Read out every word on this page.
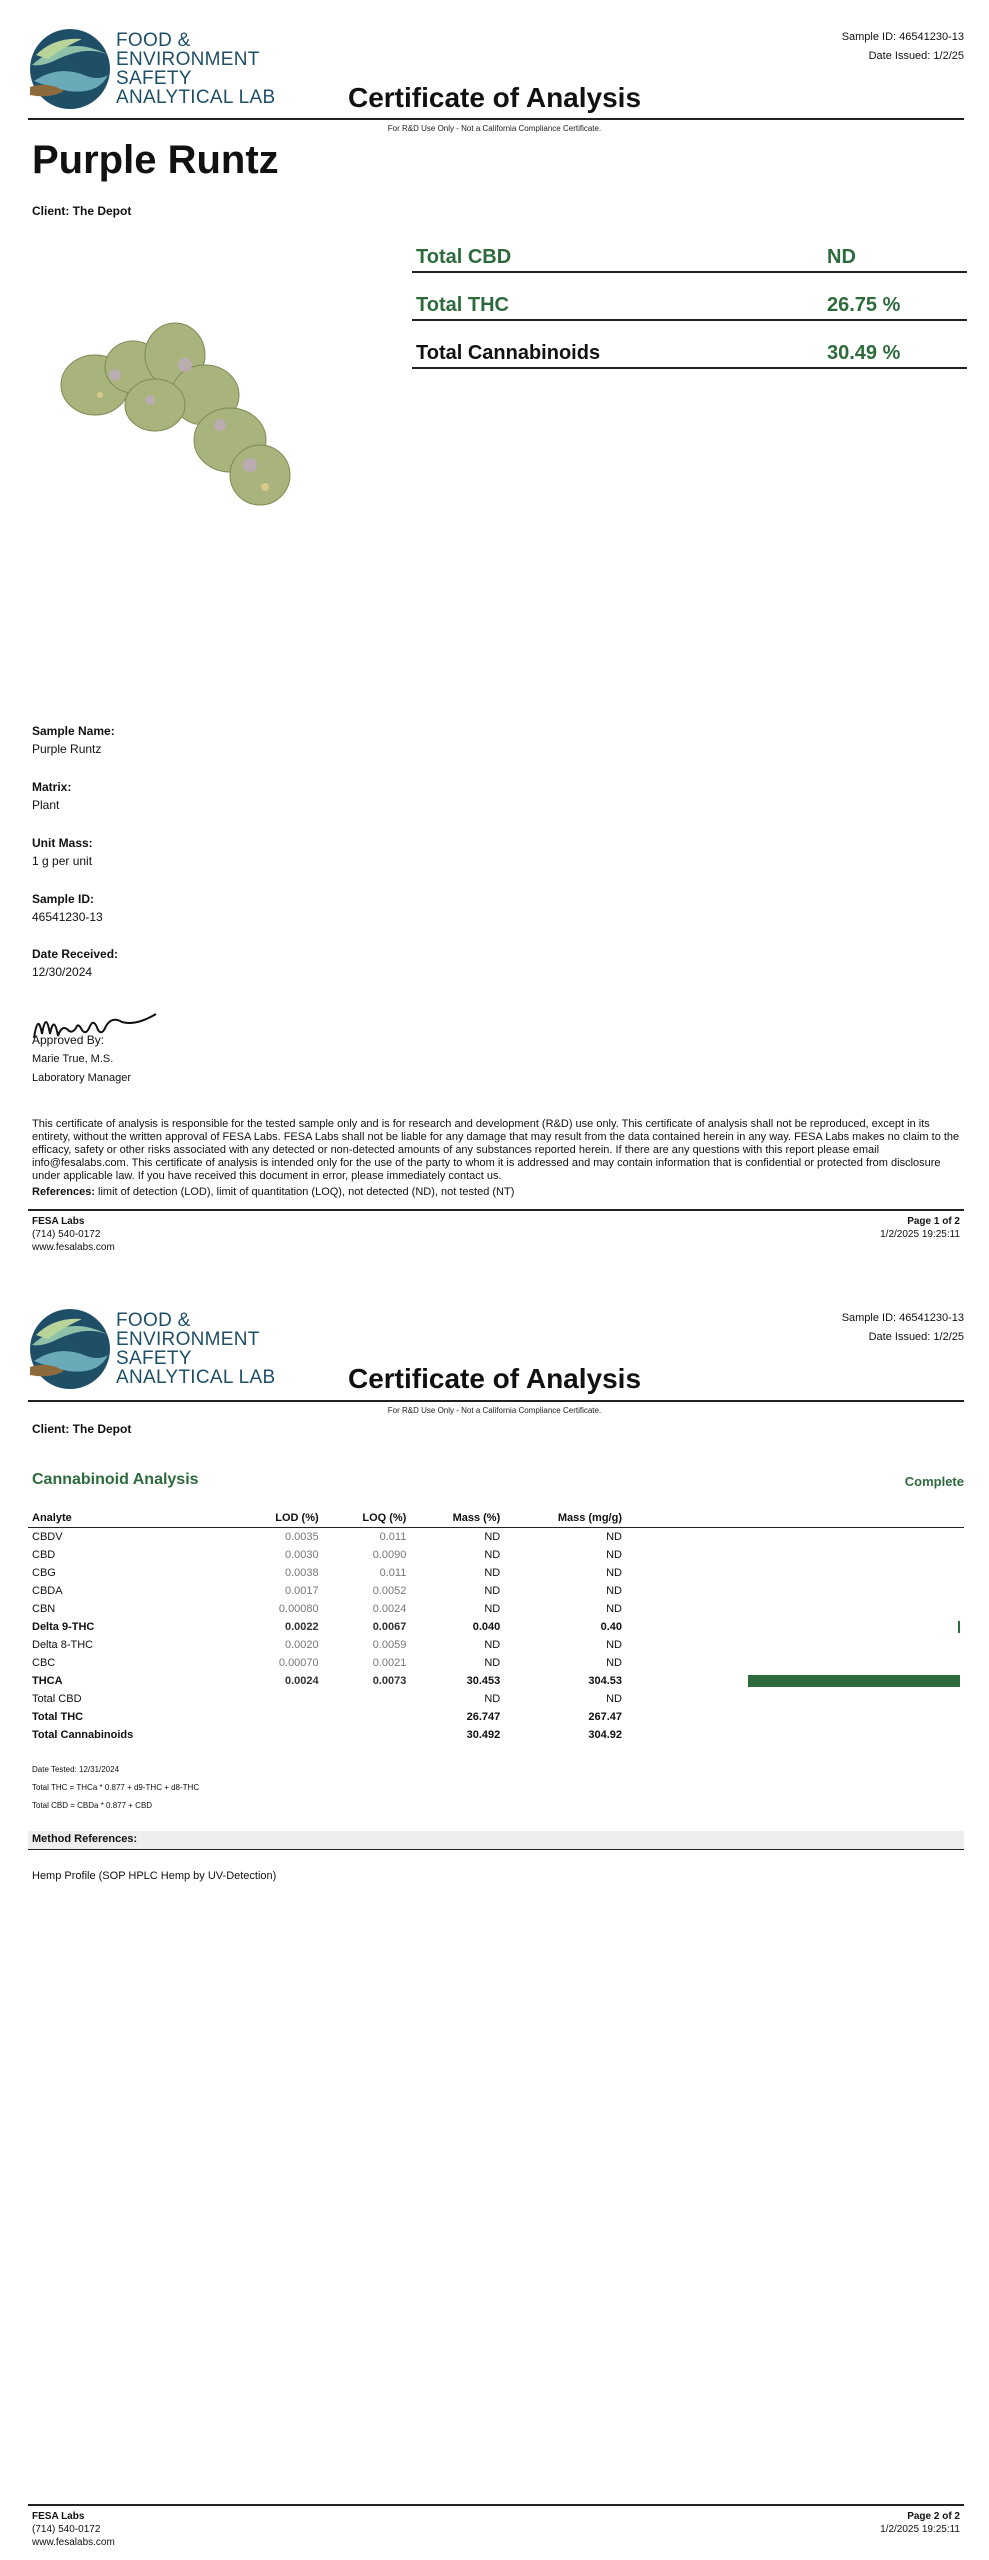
FOOD &
ENVIRONMENT
SAFETY
ANALYTICAL LAB
Sample ID: 46541230-13
Date Issued: 1/2/25
Certificate of Analysis
For R&D Use Only - Not a California Compliance Certificate.
Purple Runtz
Client: The Depot
Total CBD	ND
Total THC	26.75 %
Total Cannabinoids	30.49 %
Sample Name:
Purple Runtz
Matrix:
Plant
Unit Mass:
1 g per unit
Sample ID:
46541230-13
Date Received:
12/30/2024
Approved By:
Marie True, M.S.
Laboratory Manager
This certificate of analysis is responsible for the tested sample only and is for research and development (R&D) use only. This certificate of analysis shall not be reproduced, except in its entirety, without the written approval of FESA Labs. FESA Labs shall not be liable for any damage that may result from the data contained herein in any way. FESA Labs makes no claim to the efficacy, safety or other risks associated with any detected or non-detected amounts of any substances reported herein. If there are any questions with this report please email info@fesalabs.com. This certificate of analysis is intended only for the use of the party to whom it is addressed and may contain information that is confidential or protected from disclosure under applicable law. If you have received this document in error, please immediately contact us.
References: limit of detection (LOD), limit of quantitation (LOQ), not detected (ND), not tested (NT)
FESA Labs
(714) 540-0172
www.fesalabs.com
Page 1 of 2
1/2/2025 19:25:11
FOOD &
ENVIRONMENT
SAFETY
ANALYTICAL LAB
Sample ID: 46541230-13
Date Issued: 1/2/25
Certificate of Analysis
For R&D Use Only - Not a California Compliance Certificate.
Client: The Depot
Cannabinoid Analysis	Complete
Analyte	LOD (%)	LOQ (%)	Mass (%)	Mass (mg/g)	
CBDV	0.0035	0.011	ND	ND	
CBD	0.0030	0.0090	ND	ND	
CBG	0.0038	0.011	ND	ND	
CBDA	0.0017	0.0052	ND	ND	
CBN	0.00080	0.0024	ND	ND	
Delta 9-THC	0.0022	0.0067	0.040	0.40	
Delta 8-THC	0.0020	0.0059	ND	ND	
CBC	0.00070	0.0021	ND	ND	
THCA	0.0024	0.0073	30.453	304.53	
Total CBD			ND	ND	
Total THC			26.747	267.47	
Total Cannabinoids			30.492	304.92	
Date Tested: 12/31/2024
Total THC = THCa * 0.877 + d9-THC + d8-THC
Total CBD = CBDa * 0.877 + CBD
Method References:
Hemp Profile (SOP HPLC Hemp by UV-Detection)
FESA Labs
(714) 540-0172
www.fesalabs.com
Page 2 of 2
1/2/2025 19:25:11
